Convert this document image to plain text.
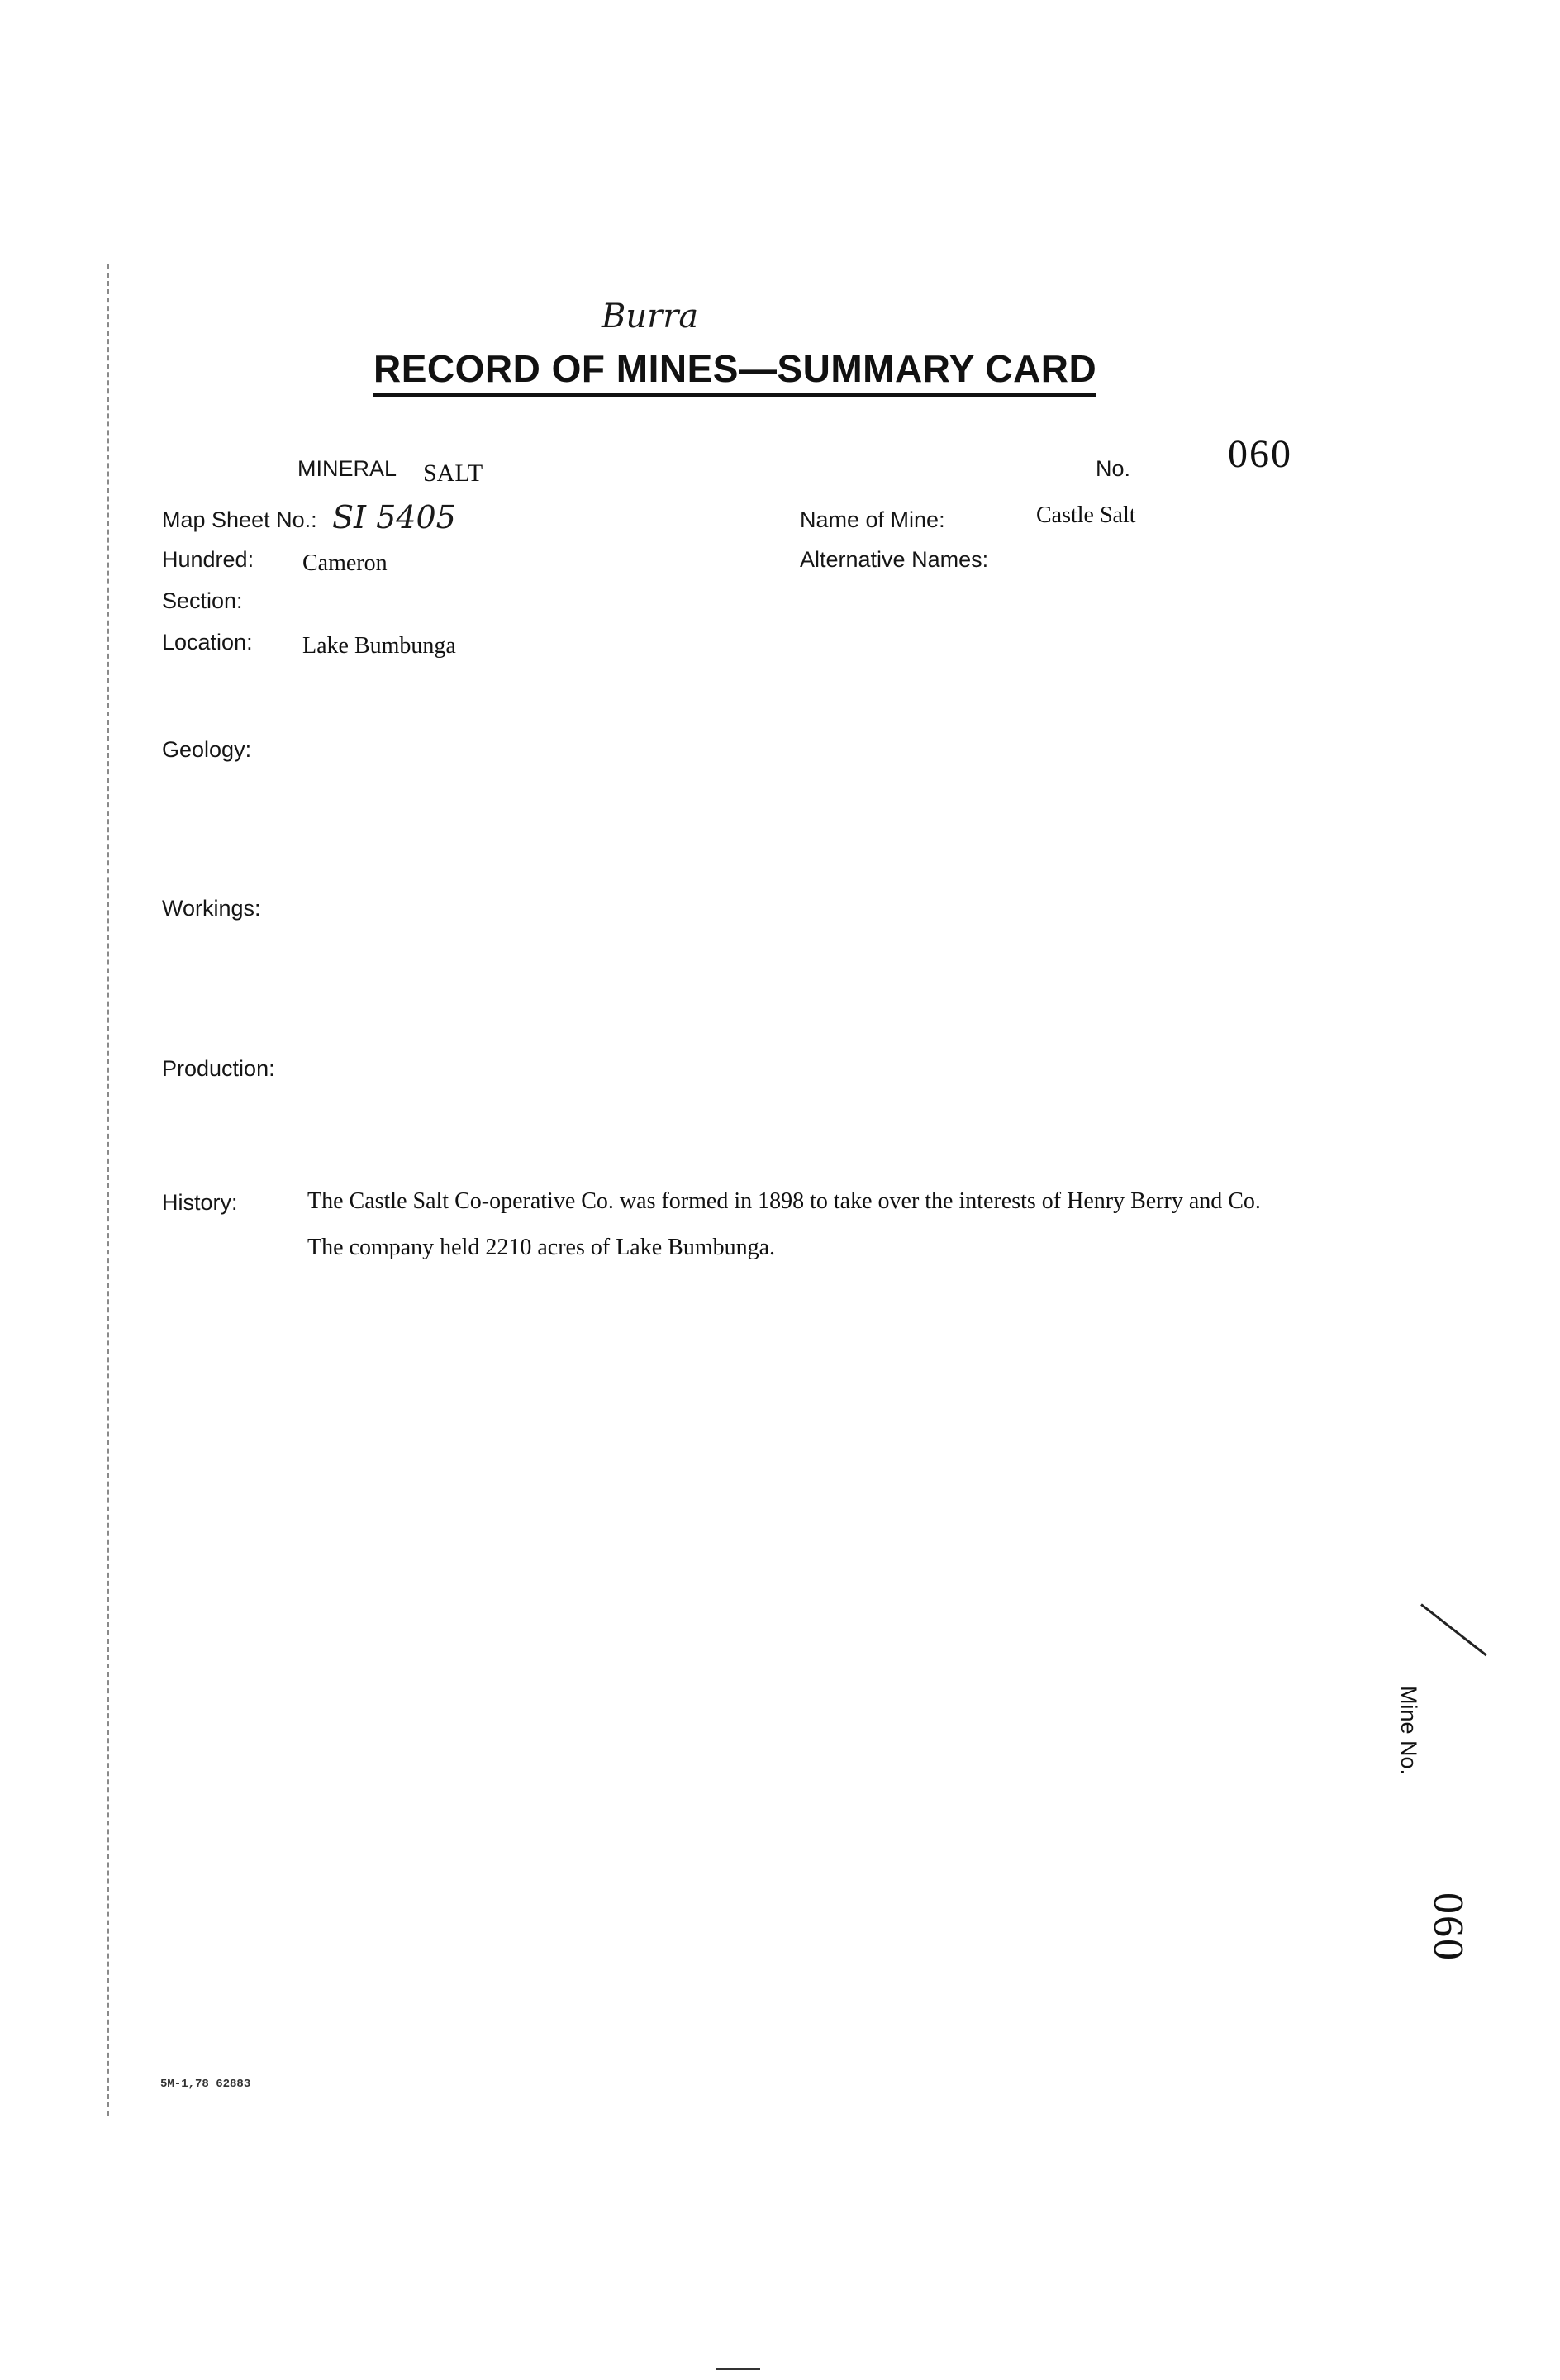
Burra
RECORD OF MINES—SUMMARY CARD
MINERAL SALT	No. 060
Map Sheet No.: SI 5405	Name of Mine:	Castle Salt
Hundred: Cameron	Alternative Names:
Section:
Location: Lake Bumbunga
Geology:
Workings:
Production:
History:	The Castle Salt Co-operative Co. was formed in 1898 to take over the interests of Henry Berry and Co. The company held 2210 acres of Lake Bumbunga.
5M-1,78 62883
Mine No.
060
